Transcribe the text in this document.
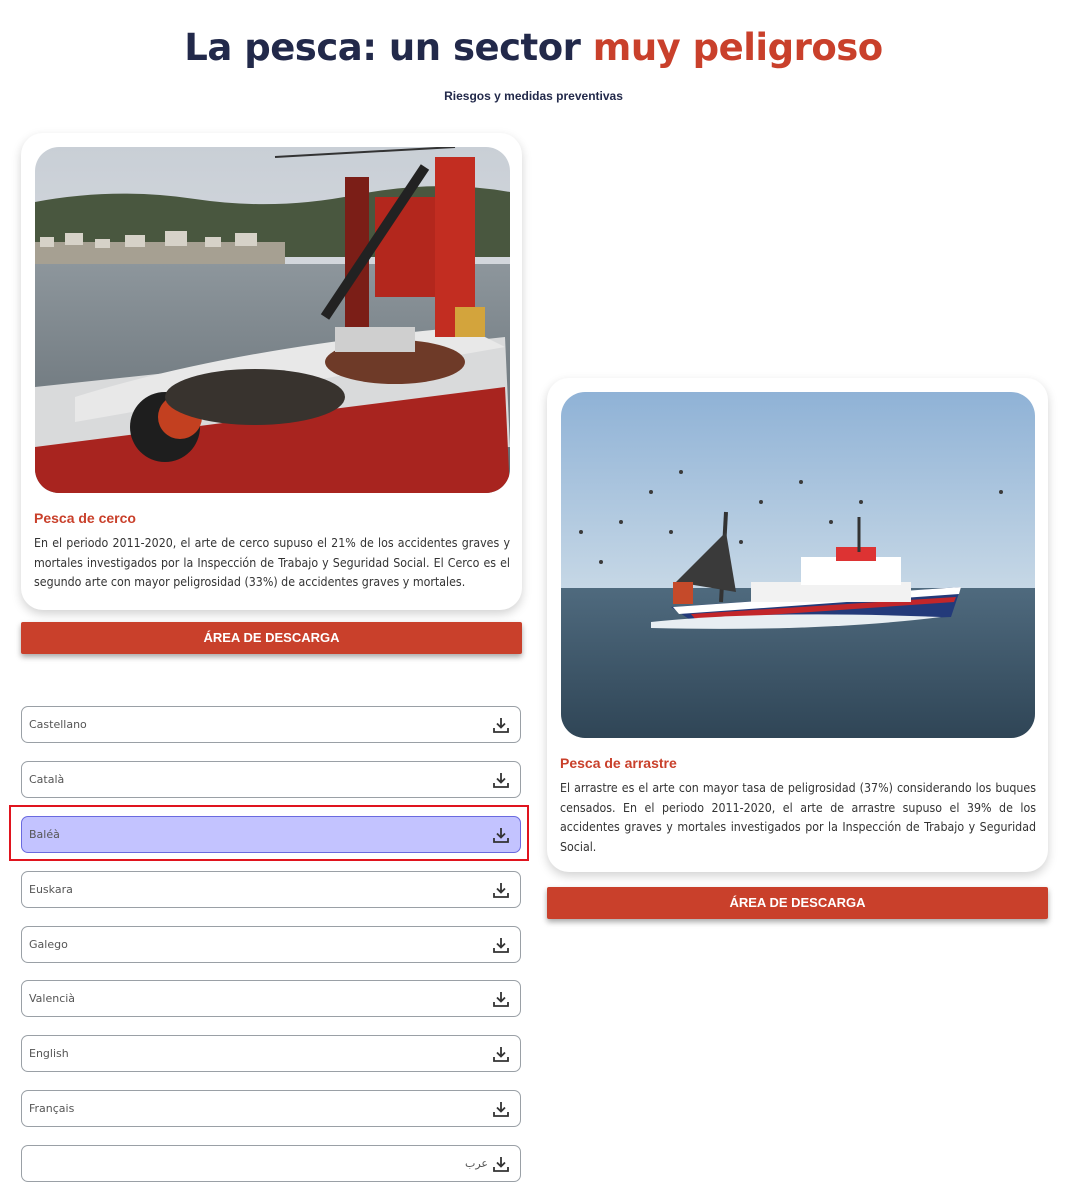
La pesca: un sector muy peligroso
Riesgos y medidas preventivas
Pesca de cerco
En el periodo 2011-2020, el arte de cerco supuso el 21% de los accidentes graves y mortales investigados por la Inspección de Trabajo y Seguridad Social. El Cerco es el segundo arte con mayor peligrosidad (33%) de accidentes graves y mortales.
ÁREA DE DESCARGA
Castellano
Català
Baléà
Euskara
Galego
Valencià
English
Français
عرب
Pesca de arrastre
El arrastre es el arte con mayor tasa de peligrosidad (37%) considerando los buques censados. En el periodo 2011-2020, el arte de arrastre supuso el 39% de los accidentes graves y mortales investigados por la Inspección de Trabajo y Seguridad Social.
ÁREA DE DESCARGA
